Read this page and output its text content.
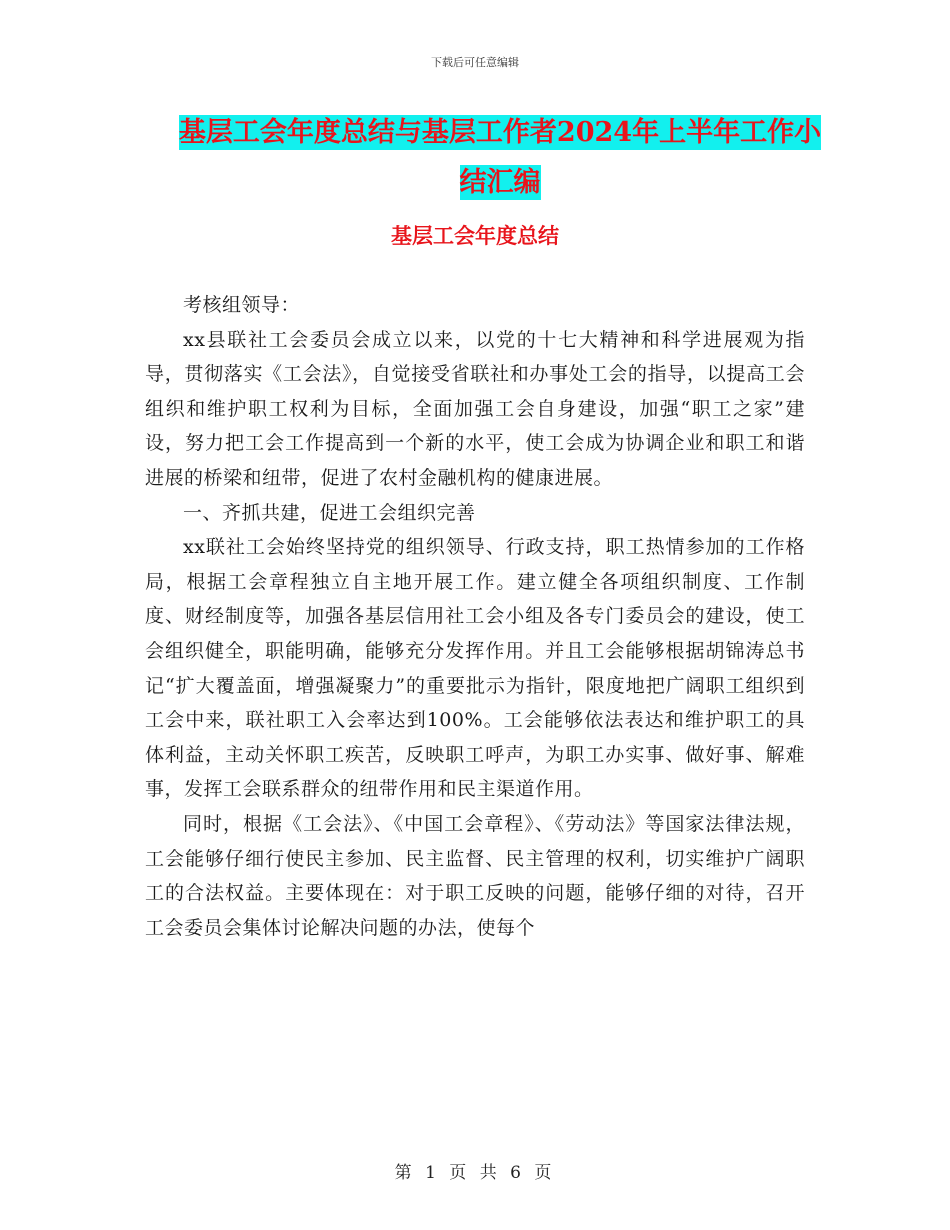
下载后可任意编辑
基层工会年度总结与基层工作者2024年上半年工作小
结汇编
基层工会年度总结

考核组领导：

xx县联社工会委员会成立以来，以党的十七大精神和科学进展观为指导，贯彻落实《工会法》，自觉接受省联社和办事处工会的指导，以提高工会组织和维护职工权利为目标，全面加强工会自身建设，加强“职工之家”建设，努力把工会工作提高到一个新的水平，使工会成为协调企业和职工和谐进展的桥梁和纽带，促进了农村金融机构的健康进展。

一、齐抓共建，促进工会组织完善

xx联社工会始终坚持党的组织领导、行政支持，职工热情参加的工作格局，根据工会章程独立自主地开展工作。建立健全各项组织制度、工作制度、财经制度等，加强各基层信用社工会小组及各专门委员会的建设，使工会组织健全，职能明确，能够充分发挥作用。并且工会能够根据胡锦涛总书记“扩大覆盖面，增强凝聚力”的重要批示为指针，限度地把广阔职工组织到工会中来，联社职工入会率达到100%。工会能够依法表达和维护职工的具体利益，主动关怀职工疾苦，反映职工呼声，为职工办实事、做好事、解难事，发挥工会联系群众的纽带作用和民主渠道作用。

同时，根据《工会法》、《中国工会章程》、《劳动法》等国家法律法规，工会能够仔细行使民主参加、民主监督、民主管理的权利，切实维护广阔职工的合法权益。主要体现在：对于职工反映的问题，能够仔细的对待，召开工会委员会集体讨论解决问题的办法，使每个

第 1 页 共 6 页
